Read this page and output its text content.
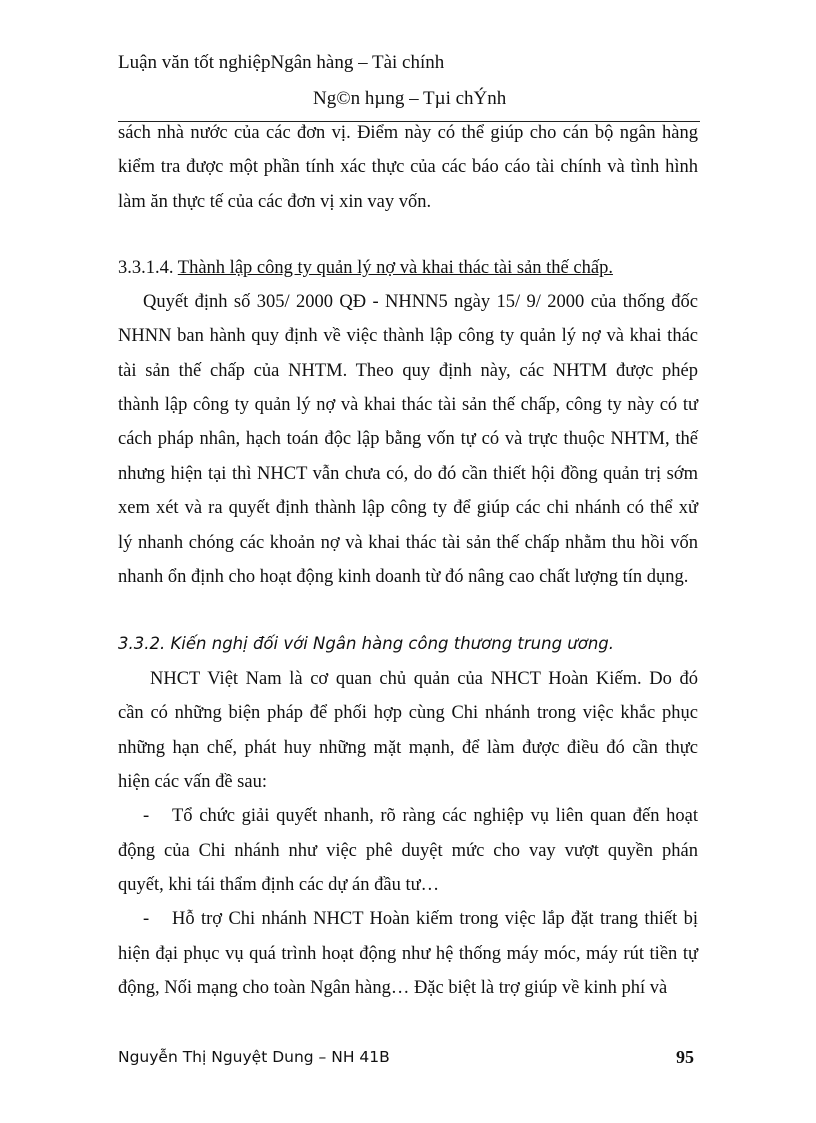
Luận văn tốt nghiệpNgân hàng – Tài chính
Ng©n hµng – Tµi chÝnh
sách nhà nước của các đơn vị. Điểm này có thể giúp cho cán bộ ngân hàng
kiểm tra được một phần tính xác thực của các báo cáo tài chính và tình hình
làm ăn thực tế của các đơn vị xin vay vốn.
3.3.1.4. Thành lập công ty quản lý nợ và khai thác tài sản thế chấp.
Quyết định số 305/ 2000 QĐ - NHNN5 ngày 15/ 9/ 2000 của thống đốc
NHNN ban hành quy định về việc thành lập công ty quản lý nợ và khai thác
tài sản thế chấp của NHTM. Theo quy định này, các NHTM được phép
thành lập công ty quản lý nợ và khai thác tài sản thế chấp, công ty này có tư
cách pháp nhân, hạch toán độc lập bằng vốn tự có và trực thuộc NHTM, thế
nhưng hiện tại thì NHCT vẫn chưa có, do đó cần thiết hội đồng quản trị sớm
xem xét và ra quyết định thành lập công ty để giúp các chi nhánh có thể xử
lý nhanh chóng các khoản nợ và khai thác tài sản thế chấp nhằm thu hồi vốn
nhanh ổn định cho hoạt động kinh doanh từ đó nâng cao chất lượng tín dụng.
3.3.2. Kiến nghị đối với Ngân hàng công thương trung ương.
NHCT Việt Nam là cơ quan chủ quản của NHCT Hoàn Kiếm. Do đó
cần có những biện pháp để phối hợp cùng Chi nhánh trong việc khắc phục
những hạn chế, phát huy những mặt mạnh, để làm được điều đó cần thực
hiện các vấn đề sau:
- Tổ chức giải quyết nhanh, rõ ràng các nghiệp vụ liên quan đến hoạt
động của Chi nhánh như việc phê duyệt mức cho vay vượt quyền phán
quyết, khi tái thẩm định các dự án đầu tư…
- Hỗ trợ Chi nhánh NHCT Hoàn kiếm trong việc lắp đặt trang thiết bị
hiện đại phục vụ quá trình hoạt động như hệ thống máy móc, máy rút tiền tự
động, Nối mạng cho toàn Ngân hàng… Đặc biệt là trợ giúp về kinh phí và
Nguyễn Thị Nguyệt Dung – NH 41B	95
